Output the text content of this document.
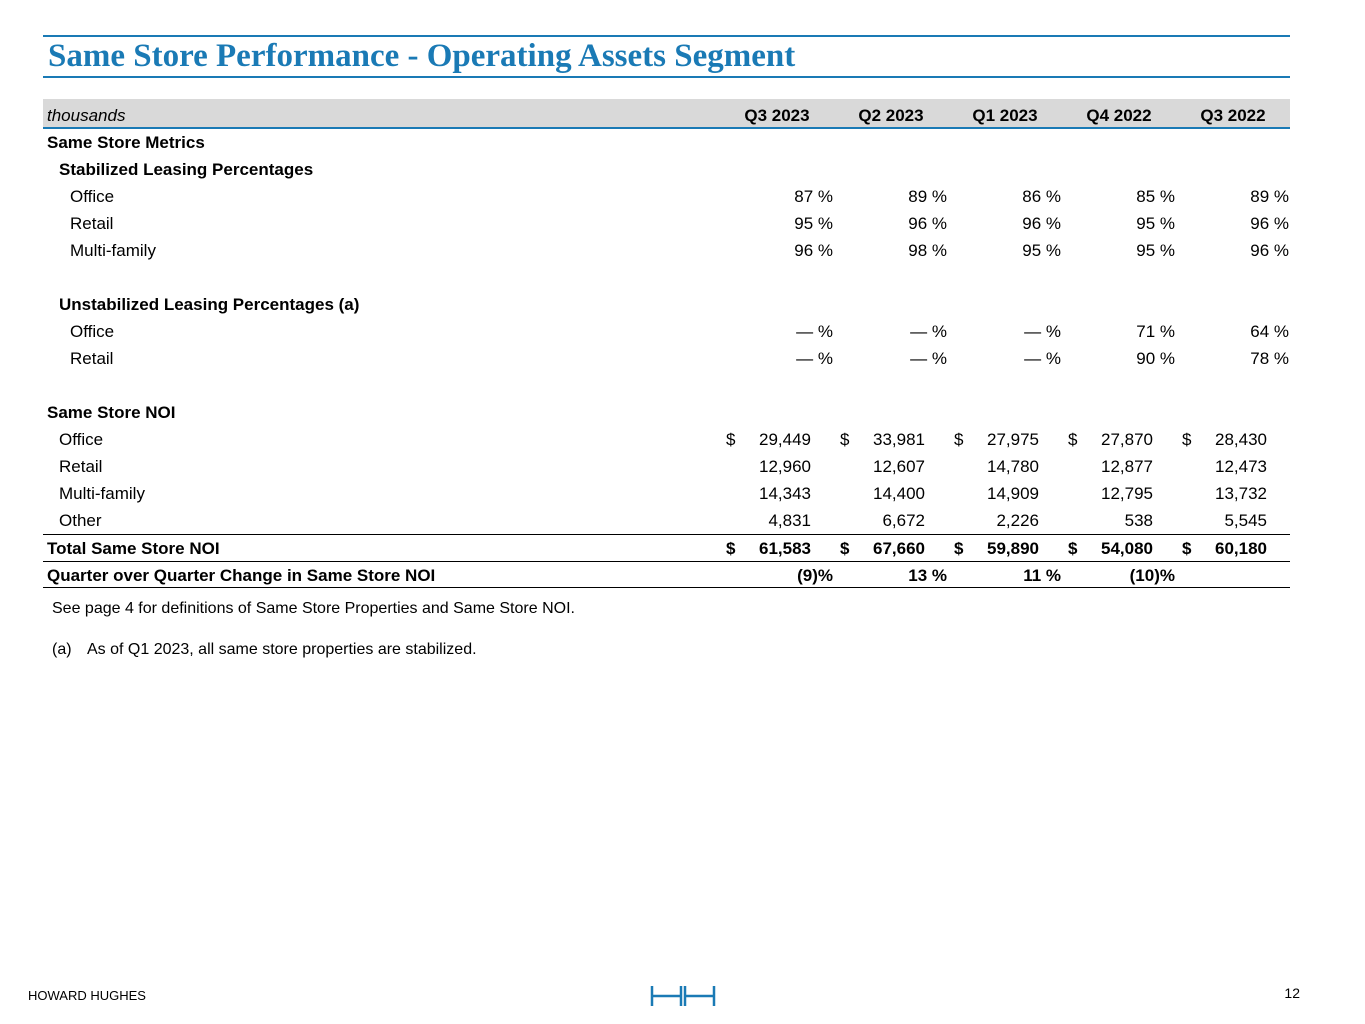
Same Store Performance - Operating Assets Segment
thousands	Q3 2023	Q2 2023	Q1 2023	Q4 2022	Q3 2022
Same Store Metrics
Stabilized Leasing Percentages
Office	87 %	89 %	86 %	85 %	89 %
Retail	95 %	96 %	96 %	95 %	96 %
Multi-family	96 %	98 %	95 %	95 %	96 %
Unstabilized Leasing Percentages (a)
Office	— %	— %	— %	71 %	64 %
Retail	— %	— %	— %	90 %	78 %
Same Store NOI
Office	$ 29,449 $ 33,981 $ 27,975 $ 27,870 $ 28,430
Retail	12,960	12,607	14,780	12,877	12,473
Multi-family	14,343	14,400	14,909	12,795	13,732
Other	4,831	6,672	2,226	538	5,545
Total Same Store NOI	$ 61,583 $ 67,660 $ 59,890 $ 54,080 $ 60,180
Quarter over Quarter Change in Same Store NOI	(9)%	13 %	11 %	(10)%
See page 4 for definitions of Same Store Properties and Same Store NOI.
(a) As of Q1 2023, all same store properties are stabilized.
HOWARD HUGHES	12
